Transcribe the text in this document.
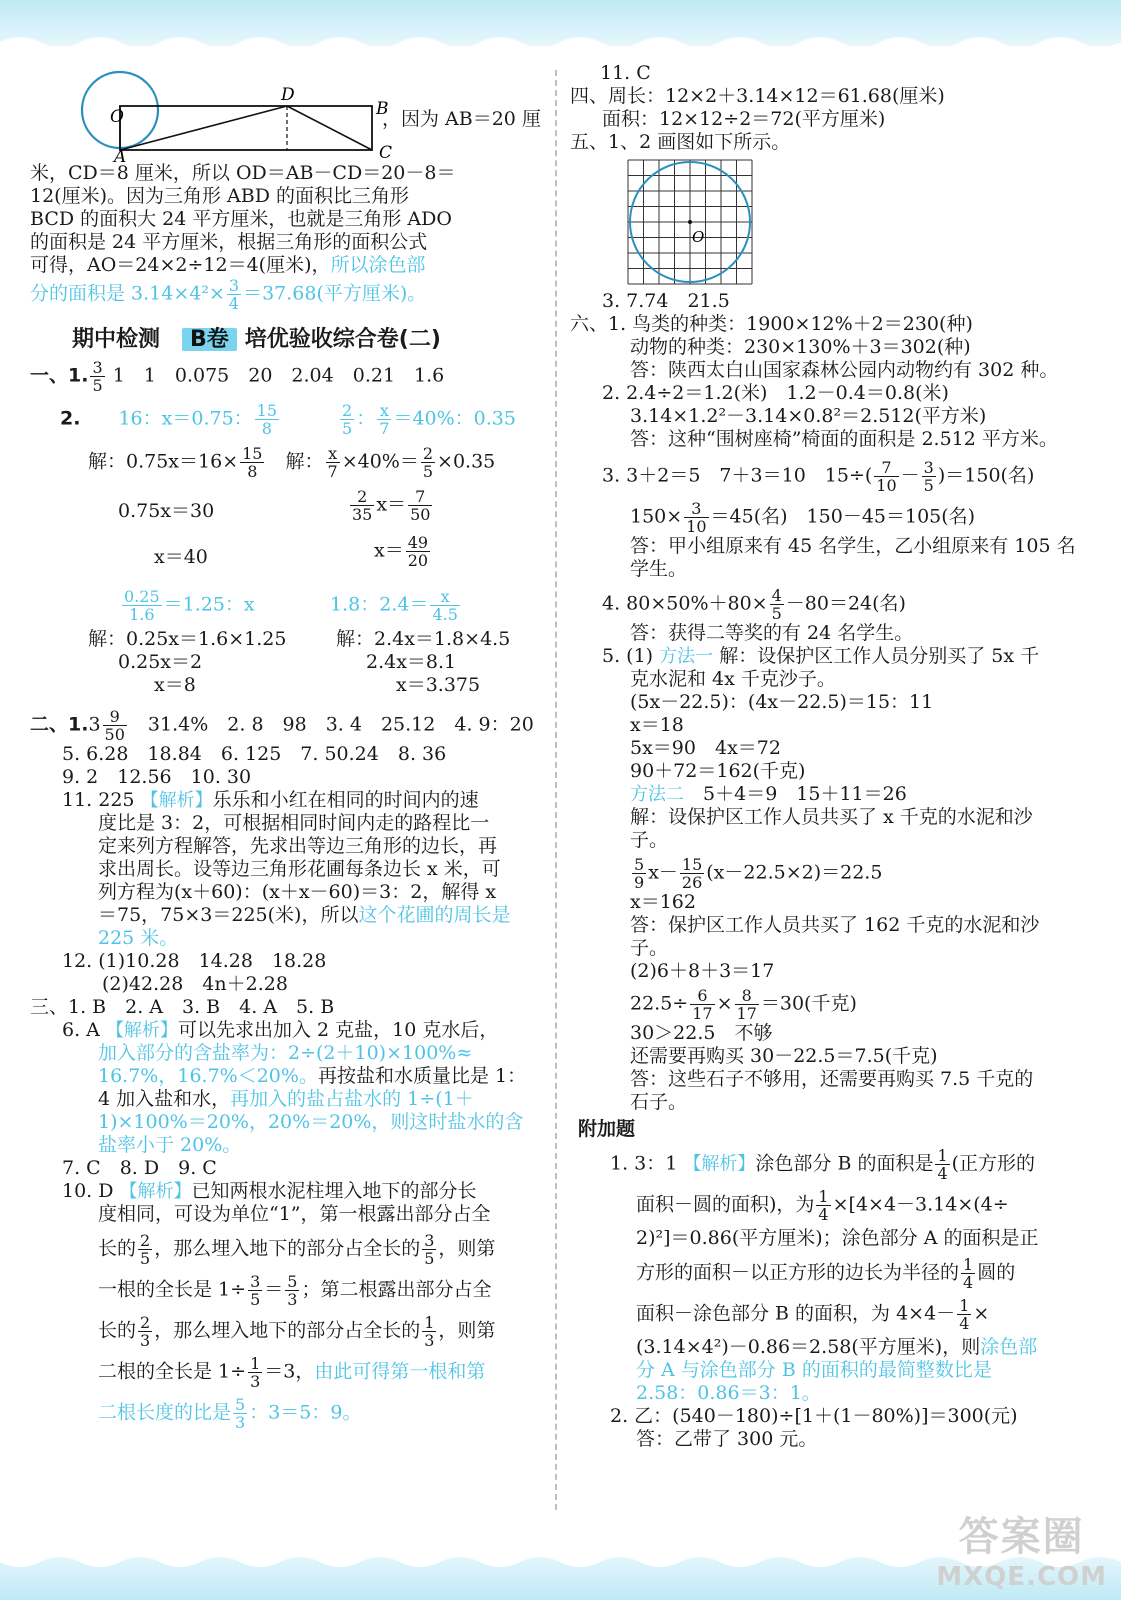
O
D
B
A	C
，因为 AB＝20 厘
米，CD＝8 厘米，所以 OD＝AB－CD＝20－8＝
12(厘米)。因为三角形 ABD 的面积比三角形
BCD 的面积大 24 平方厘米，也就是三角形 ADO
的面积是 24 平方厘米，根据三角形的面积公式
可得，AO＝24×2÷12＝4(厘米)，所以涂色部
分的面积是 $3.14\times 4^2\times \frac{3}{4} =37.68$(平方厘米)。
期中检测 B卷 培优验收综合卷(二)
一、1. $\frac{3}{5} 1$　1　0.075　20　2.04　0.21　1.6
2.　　 16：x＝0.75： $\frac{15}{8}$
　　　	$\frac{2}{5}$ ： $\frac{x}{7} =40\%$：0.35
解：$0.75x=16\times \frac{15}{8}$
　 解： $\frac{x}{7} \times 40\%= \frac{2}{5} \times 0.35$
0.75x＝30	$\frac{2}{35} x= \frac{7}{50}$
x＝40	$x= \frac{49}{20}$
$\frac{0.25}{1.6} =1.25$：x	1.8：$2.4= \frac{x}{4.5}$
解：0.25x＝1.6×1.25
0.25x＝2
x＝8
解：2.4x＝1.8×4.5
2.4x＝8.1
x＝3.375
二、$1.3 \frac{9}{50}$
　 31.4%　2. 8　98　3. 4　25.12　4. 9：20
5. 6.28　18.84　6. 125　7. 50.24　8. 36
9. 2　12.56　10. 30
11. 225 【解析】乐乐和小红在相同的时间内的速
度比是 3：2，可根据相同时间内走的路程比一
定来列方程解答，先求出等边三角形的边长，再
求出周长。设等边三角形花圃每条边长 x 米，可
列方程为(x＋60)：(x＋x－60)＝3：2，解得 x
＝75，75×3＝225(米)，所以这个花圃的周长是
225 米。
12. (1)10.28　14.28　18.28
(2)42.28　4n＋2.28
三、1. B　2. A　3. B　4. A　5. B
6. A 【解析】可以先求出加入 2 克盐，10 克水后，
加入部分的含盐率为：2÷(2＋10)×100%≈
16.7%，16.7%＜20%。再按盐和水质量比是 1：
4 加入盐和水，再加入的盐占盐水的 1÷(1＋
1)×100%＝20%，20%＝20%，则这时盐水的含
盐率小于 20%。
7. C　8. D　9. C
10. D 【解析】已知两根水泥柱埋入地下的部分长
度相同，可设为单位“1”，第一根露出部分占全
长的 $\frac{2}{5}$ ，那么埋入地下的部分占全长的 $\frac{3}{5}$ ，则第
一根的全长是 $1\div \frac{3}{5} = \frac{5}{3}$ ；第二根露出部分占全
长的 $\frac{2}{3}$ ，那么埋入地下的部分占全长的 $\frac{1}{3}$ ，则第
二根的全长是 $1\div \frac{1}{3} =3$，由此可得第一根和第
二根长度的比是 $\frac{5}{3}$ ：3＝5：9。
11. C
四、周长：12×2＋3.14×12＝61.68(厘米)
面积：12×12÷2＝72(平方厘米)
五、1、2 画图如下所示。
O
3. 7.74　21.5
六、1. 鸟类的种类：1900×12%＋2＝230(种)
动物的种类：230×130%＋3＝302(种)
答：陕西太白山国家森林公园内动物约有 302 种。
2. 2.4÷2＝1.2(米)　1.2－0.4＝0.8(米)
3.14×1.2²－3.14×0.8²＝2.512(平方米)
答：这种“围树座椅”椅面的面积是 2.512 平方米。
3. 3＋2＝5　7＋3＝10　$15\div( \frac{7}{10} - \frac{3}{5} )=150$(名)
$150\times \frac{3}{10} =45$(名)　150－45＝105(名)
答：甲小组原来有 45 名学生，乙小组原来有 105 名
学生。
4. $80\times 50\%+80\times \frac{4}{5} -80=24$(名)
答：获得二等奖的有 24 名学生。
5. (1) 方法一 解：设保护区工作人员分别买了 5x 千
克水泥和 4x 千克沙子。
(5x－22.5)：(4x－22.5)＝15：11
x＝18
5x＝90　4x＝72
90＋72＝162(千克)
方法二　 5＋4＝9　15＋11＝26
解：设保护区工作人员共买了 x 千克的水泥和沙
子。
$\frac{5}{9} x- \frac{15}{26} (x-22.5\times 2)=22.5$
x＝162
答：保护区工作人员共买了 162 千克的水泥和沙
子。
(2)6＋8＋3＝17
$22.5\div \frac{6}{17} \times \frac{8}{17} =30$(千克)
30＞22.5　不够
还需要再购买 30－22.5＝7.5(千克)
答：这些石子不够用，还需要再购买 7.5 千克的
石子。
附加题
1. 3：1 【解析】涂色部分 B 的面积是 $\frac{1}{4}$ (正方形的
面积－圆的面积)，为 $\frac{1}{4} \times[4\times 4-3.14\times(4\div$
2)²]＝0.86(平方厘米)；涂色部分 A 的面积是正
方形的面积－以正方形的边长为半径的 $\frac{1}{4}$ 圆的
面积－涂色部分 B 的面积，为 $4\times 4- \frac{1}{4}$ ×
(3.14×4²)－0.86＝2.58(平方厘米)，则涂色部
分 A 与涂色部分 B 的面积的最简整数比是
2.58：0.86＝3：1。
2. 乙：(540－180)÷[1＋(1－80%)]＝300(元)
答：乙带了 300 元。
答案圈
MXQE.COM
